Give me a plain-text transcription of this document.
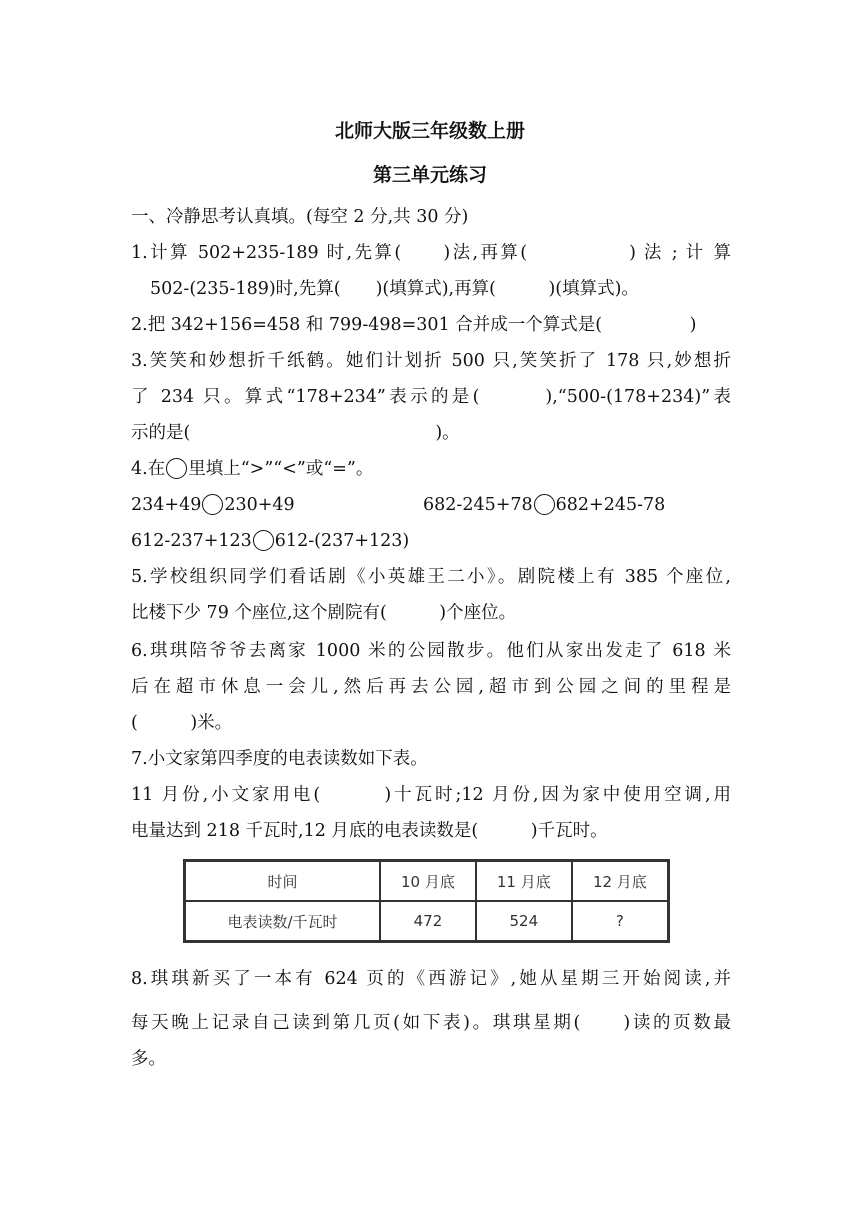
北师大版三年级数上册
第三单元练习
一、冷静思考认真填。(每空 2 分,共 30 分)
1.计算 502+235-189 时,先算(　　)法,再算(　　　　　) 法 ; 计 算
502-(235-189)时,先算(　　)(填算式),再算(　　　)(填算式)。
2.把 342+156=458 和 799-498=301 合并成一个算式是(　　　　　)
3.笑笑和妙想折千纸鹤。她们计划折 500 只,笑笑折了 178 只,妙想折
了 234 只。算式“178+234”表示的是(　　　),“500-(178+234)”表
示的是(　　　　　　　　　　　　　　)。
4.在 里填上“>”“<”或“=”。
234+49 230+49	682-245+78 682+245-78
612-237+123 612-(237+123)
5.学校组织同学们看话剧《小英雄王二小》。剧院楼上有 385 个座位,
比楼下少 79 个座位,这个剧院有(　　　)个座位。
6.琪琪陪爷爷去离家 1000 米的公园散步。他们从家出发走了 618 米
后在超市休息一会儿,然后再去公园,超市到公园之间的里程是
(　　　)米。
7.小文家第四季度的电表读数如下表。
11 月份,小文家用电(　　　)十瓦时;12 月份,因为家中使用空调,用
电量达到 218 千瓦时,12 月底的电表读数是(　　　)千瓦时。
时间	10 月底	11 月底	12 月底
电表读数/千瓦时	472	524	?
8.琪琪新买了一本有 624 页的《西游记》,她从星期三开始阅读,并
每天晚上记录自己读到第几页(如下表)。琪琪星期(　　)读的页数最
多。
